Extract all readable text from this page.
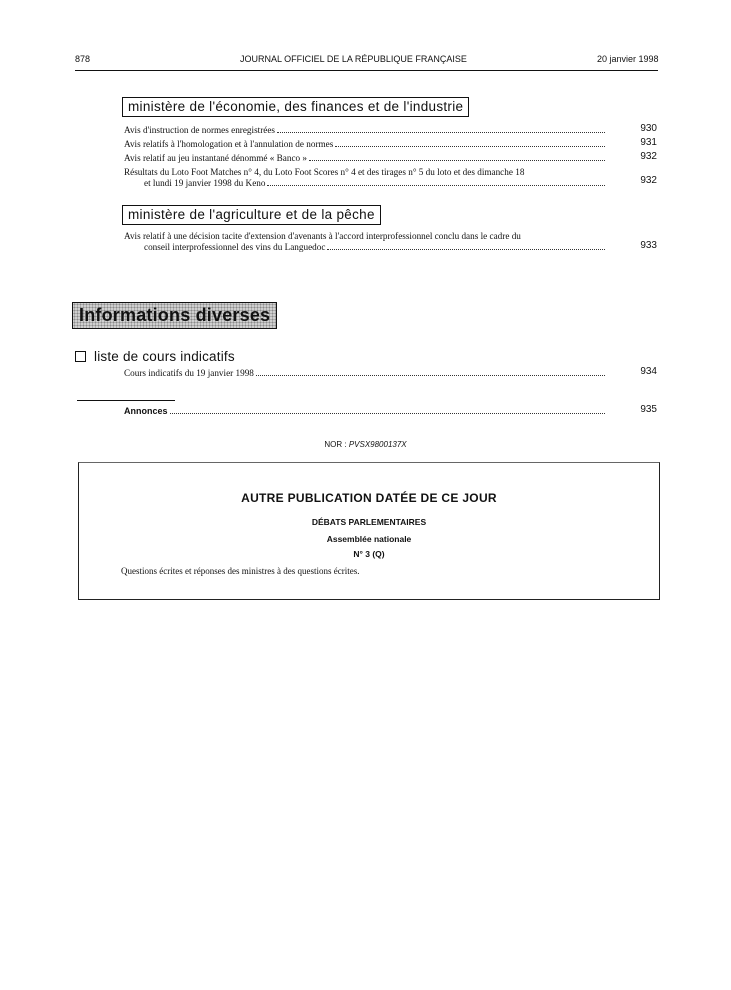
878	JOURNAL OFFICIEL DE LA RÉPUBLIQUE FRANÇAISE	20 janvier 1998
ministère de l'économie, des finances et de l'industrie
Avis d'instruction de normes enregistrées	930
Avis relatifs à l'homologation et à l'annulation de normes	931
Avis relatif au jeu instantané dénommé « Banco »	932
Résultats du Loto Foot Matches n° 4, du Loto Foot Scores n° 4 et des tirages n° 5 du loto et des dimanche 18
et lundi 19 janvier 1998 du Keno	932
ministère de l'agriculture et de la pêche
Avis relatif à une décision tacite d'extension d'avenants à l'accord interprofessionnel conclu dans le cadre du
conseil interprofessionnel des vins du Languedoc	933
Informations diverses
liste de cours indicatifs
Cours indicatifs du 19 janvier 1998	934
Annonces	935
NOR : PVSX9800137X
AUTRE PUBLICATION DATÉE DE CE JOUR
DÉBATS PARLEMENTAIRES
Assemblée nationale
N° 3 (Q)
Questions écrites et réponses des ministres à des questions écrites.
